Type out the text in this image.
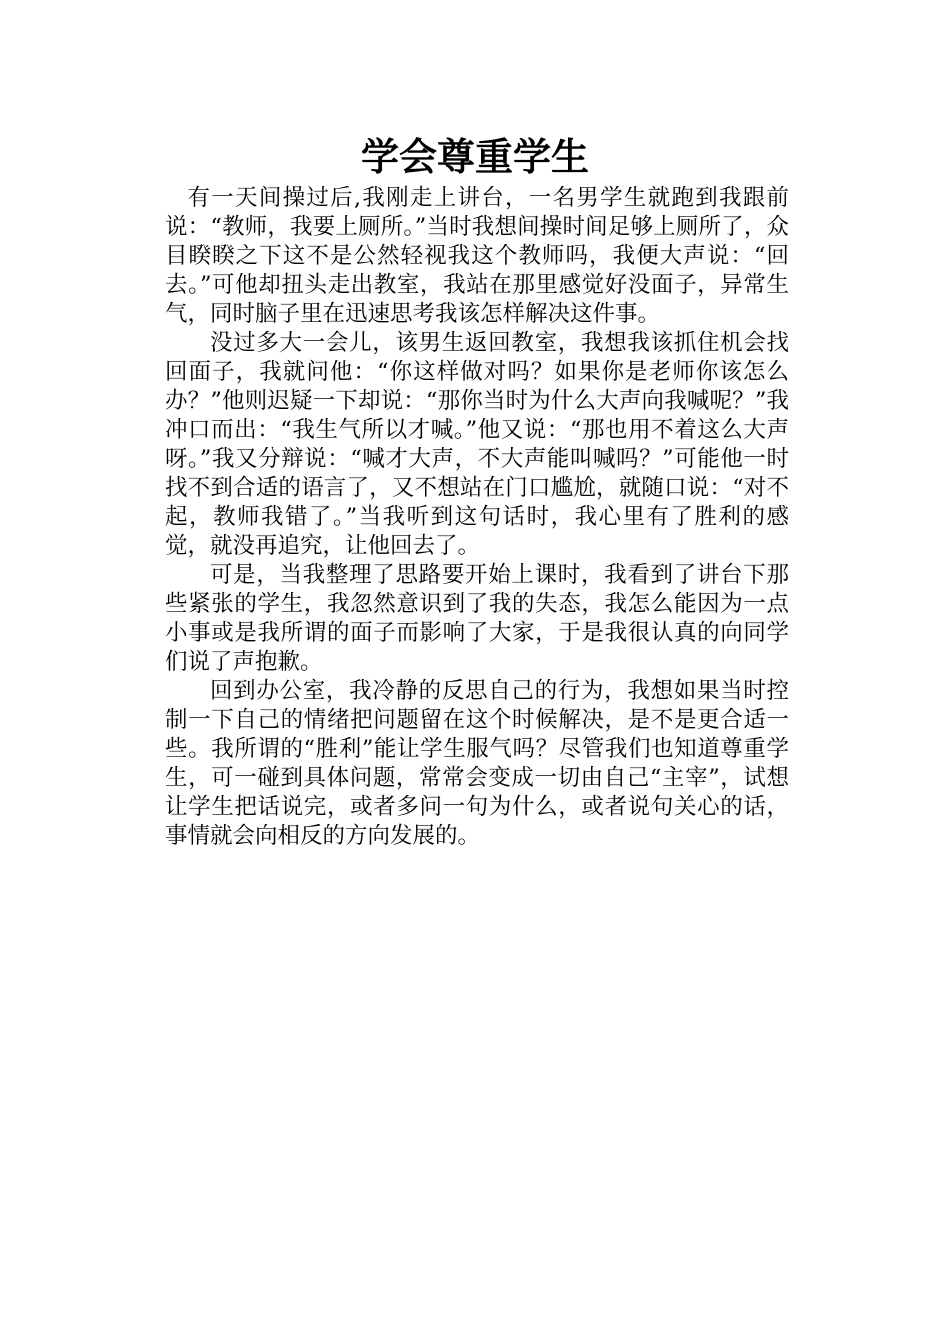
学会尊重学生

有一天间操过后,我刚走上讲台，一名男学生就跑到我跟前说：“教师，我要上厕所。”当时我想间操时间足够上厕所了，众目睽睽之下这不是公然轻视我这个教师吗，我便大声说：“回去。”可他却扭头走出教室，我站在那里感觉好没面子，异常生气，同时脑子里在迅速思考我该怎样解决这件事。

没过多大一会儿，该男生返回教室，我想我该抓住机会找回面子，我就问他：“你这样做对吗？如果你是老师你该怎么办？”他则迟疑一下却说：“那你当时为什么大声向我喊呢？”我冲口而出：“我生气所以才喊。”他又说：“那也用不着这么大声呀。”我又分辩说：“喊才大声，不大声能叫喊吗？”可能他一时找不到合适的语言了，又不想站在门口尴尬，就随口说：“对不起，教师我错了。”当我听到这句话时，我心里有了胜利的感觉，就没再追究，让他回去了。

可是，当我整理了思路要开始上课时，我看到了讲台下那些紧张的学生，我忽然意识到了我的失态，我怎么能因为一点小事或是我所谓的面子而影响了大家，于是我很认真的向同学们说了声抱歉。

回到办公室，我冷静的反思自己的行为，我想如果当时控制一下自己的情绪把问题留在这个时候解决，是不是更合适一些。我所谓的“胜利”能让学生服气吗？尽管我们也知道尊重学生，可一碰到具体问题，常常会变成一切由自己“主宰”，试想让学生把话说完，或者多问一句为什么，或者说句关心的话，事情就会向相反的方向发展的。
